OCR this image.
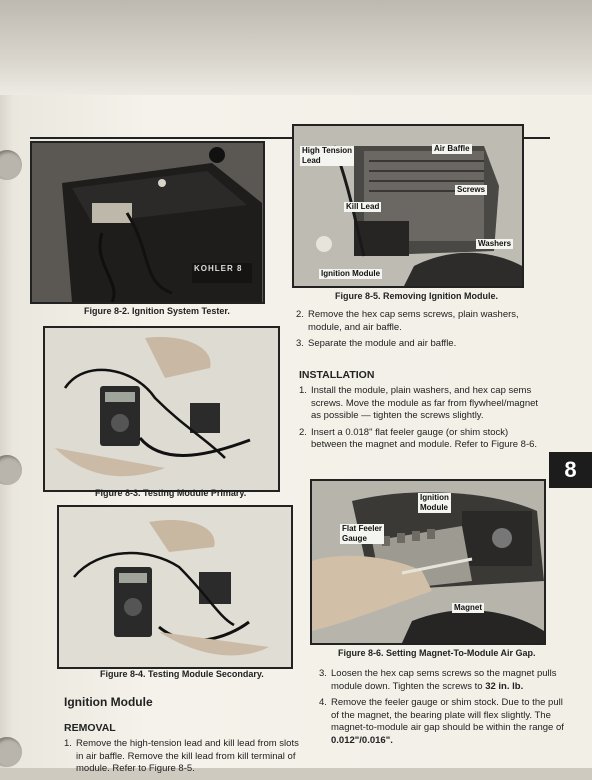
KOHLER 8
Figure 8-2. Ignition System Tester.
Figure 8-3. Testing Module Primary.
Figure 8-4. Testing Module Secondary.
High Tension
Lead
Air Baffle
Screws
Kill Lead
Washers
Ignition Module
Figure 8-5. Removing Ignition Module.
2. Remove the hex cap sems screws, plain washers, module, and air baffle.
3. Separate the module and air baffle.
INSTALLATION
1. Install the module, plain washers, and hex cap sems screws. Move the module as far from flywheel/magnet as possible — tighten the screws slightly.
2. Insert a 0.018" flat feeler gauge (or shim stock) between the magnet and module. Refer to Figure 8-6.
8
Ignition
Module
Flat Feeler
Gauge
Magnet
Figure 8-6. Setting Magnet-To-Module Air Gap.
3. Loosen the hex cap sems screws so the magnet pulls module down. Tighten the screws to 32 in. lb.
4. Remove the feeler gauge or shim stock. Due to the pull of the magnet, the bearing plate will flex slightly. The magnet-to-module air gap should be within the range of 0.012"/0.016".
Ignition Module
REMOVAL
1. Remove the high-tension lead and kill lead from slots in air baffle. Remove the kill lead from kill terminal of module. Refer to Figure 8-5.
